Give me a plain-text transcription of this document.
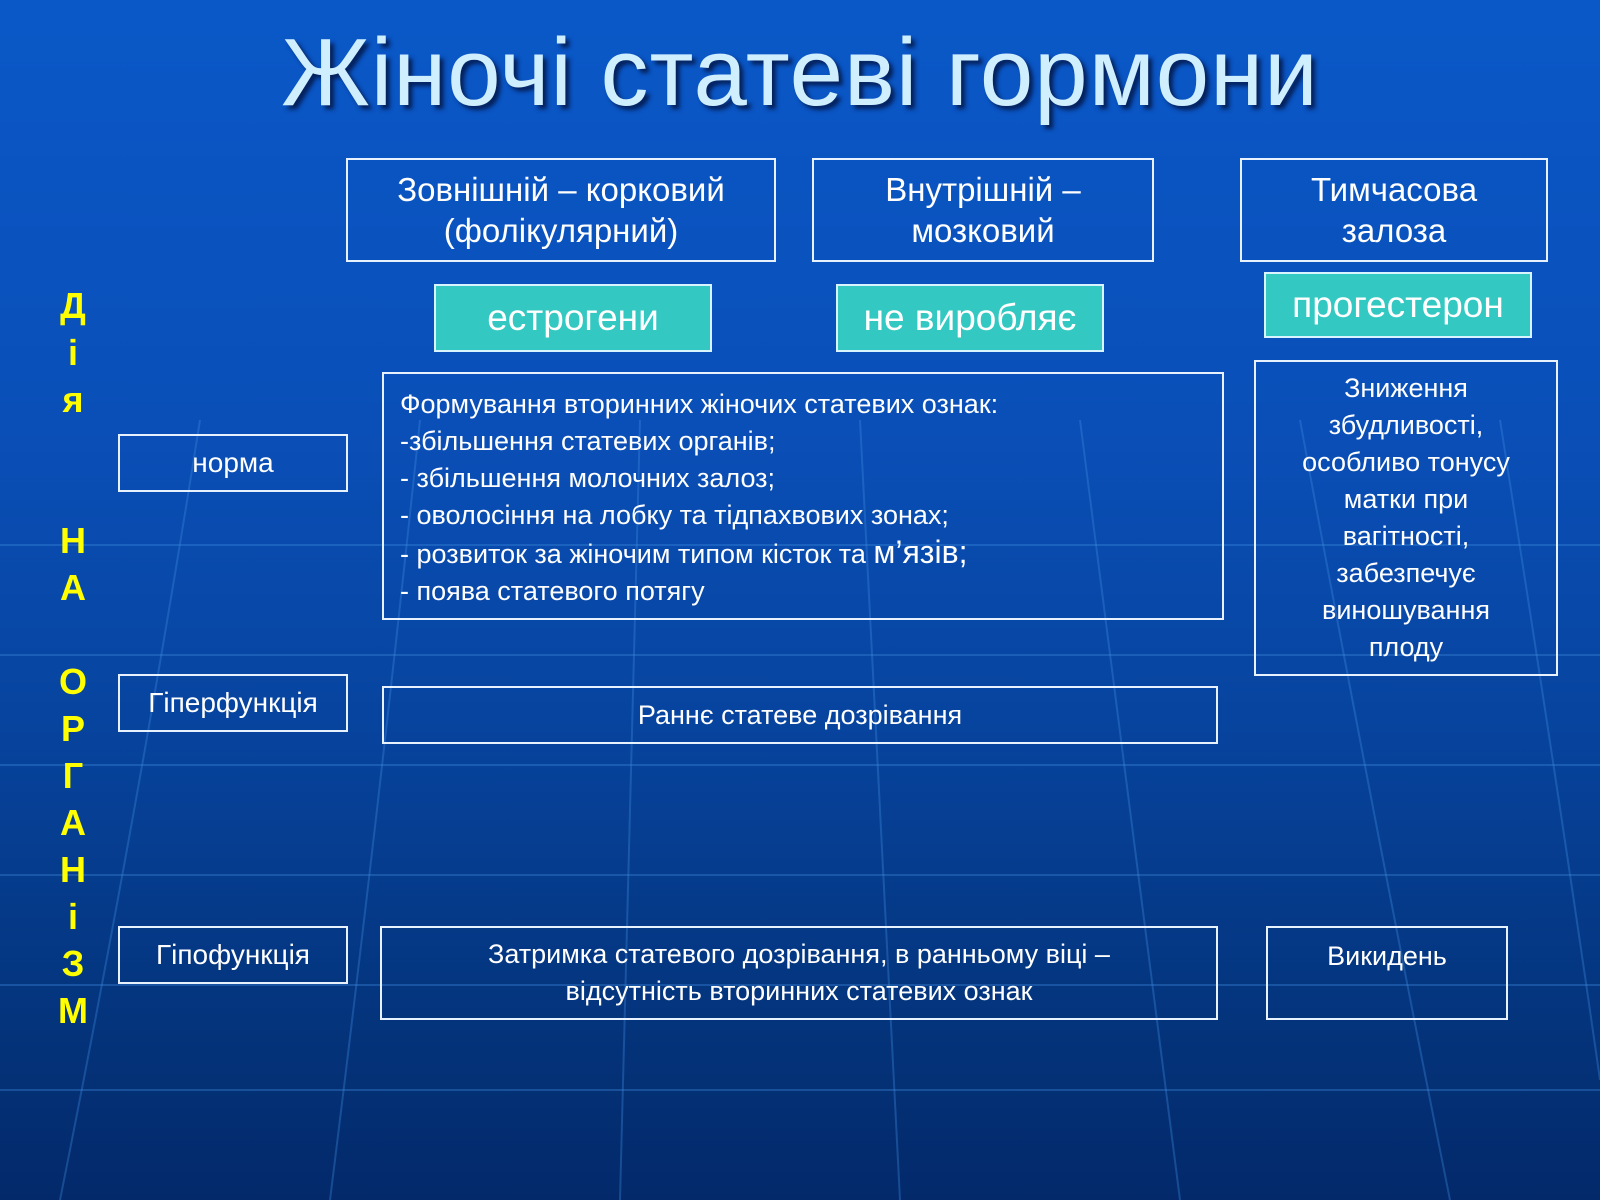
Жіночі статеві гормони
Д
і
я
Н
А
О
Р
Г
А
Н
і
З
М
Зовнішній – корковий (фолікулярний)
Внутрішній – мозковий
Тимчасова залоза
естрогени	не виробляє	прогестерон
норма
Гіперфункція
Гіпофункція
Формування вторинних жіночих статевих ознак:
-збільшення статевих органів;
- збільшення молочних залоз;
- оволосіння на лобку та тідпахвових зонах;
- розвиток за жіночим типом кісток та м’язів;
- поява статевого потягу
Зниження
збудливості,
особливо тонусу
матки при
вагітності,
забезпечує
виношування
плоду
Раннє статеве дозрівання
Затримка статевого дозрівання, в ранньому віці – відсутність вторинних статевих ознак
Викидень
